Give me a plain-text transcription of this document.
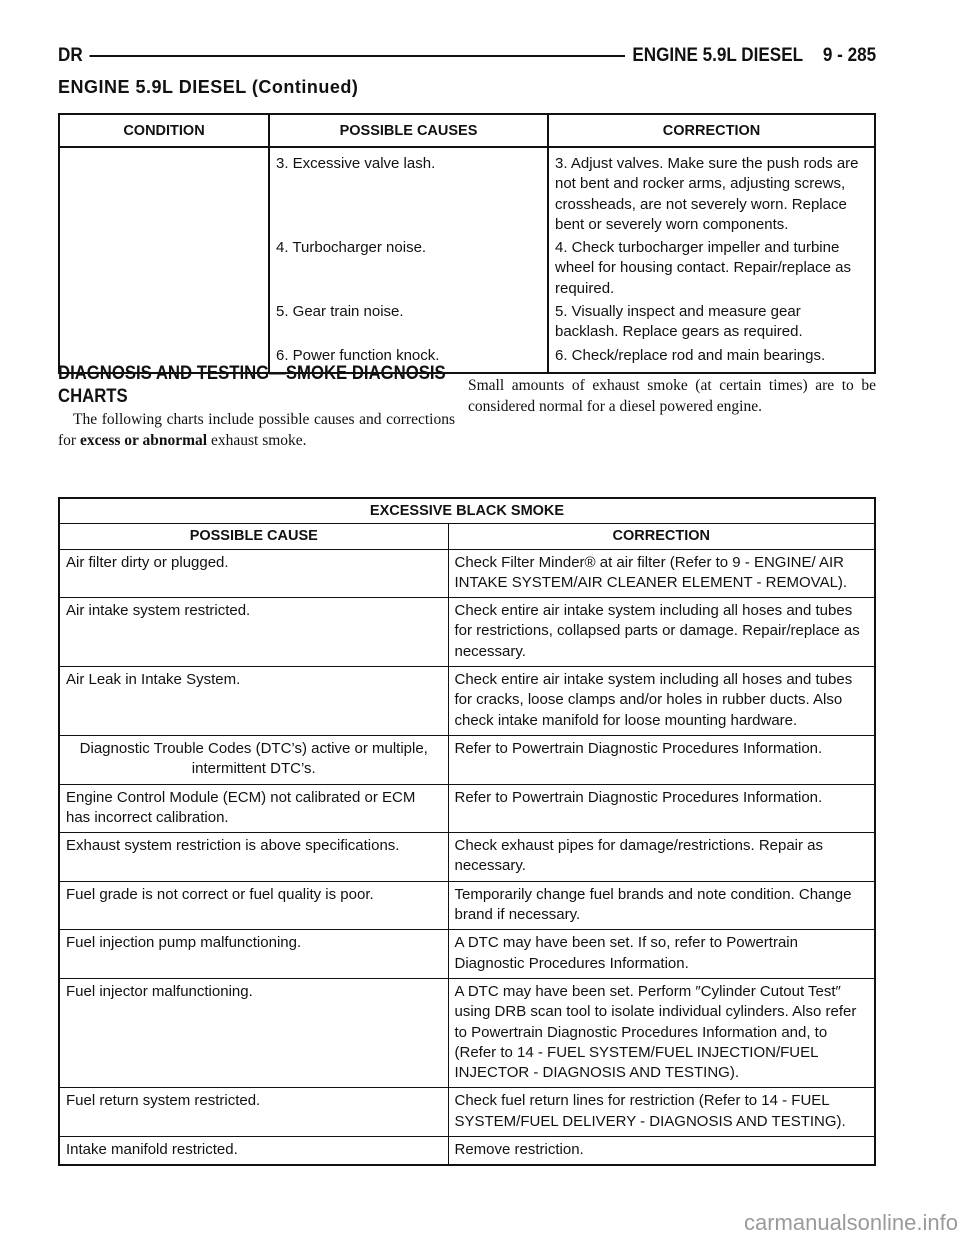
DR	ENGINE 5.9L DIESEL 9 - 285
ENGINE 5.9L DIESEL (Continued)
CONDITION	POSSIBLE CAUSES	CORRECTION
	3. Excessive valve lash.	3. Adjust valves. Make sure the push rods are not bent and rocker arms, adjusting screws, crossheads, are not severely worn. Replace bent or severely worn components.
	4. Turbocharger noise.	4. Check turbocharger impeller and turbine wheel for housing contact. Repair/replace as required.
	5. Gear train noise.	5. Visually inspect and measure gear backlash. Replace gears as required.
	6. Power function knock.	6. Check/replace rod and main bearings.
DIAGNOSIS AND TESTING—SMOKE DIAGNOSIS CHARTS
The following charts include possible causes and corrections for excess or abnormal exhaust smoke.
Small amounts of exhaust smoke (at certain times) are to be considered normal for a diesel powered engine.
EXCESSIVE BLACK SMOKE	
POSSIBLE CAUSE	CORRECTION
Air filter dirty or plugged.	Check Filter Minder® at air filter (Refer to 9 - ENGINE/ AIR INTAKE SYSTEM/AIR CLEANER ELEMENT - REMOVAL).
Air intake system restricted.	Check entire air intake system including all hoses and tubes for restrictions, collapsed parts or damage. Repair/replace as necessary.
Air Leak in Intake System.	Check entire air intake system including all hoses and tubes for cracks, loose clamps and/or holes in rubber ducts. Also check intake manifold for loose mounting hardware.
Diagnostic Trouble Codes (DTC’s) active or multiple, intermittent DTC’s.	Refer to Powertrain Diagnostic Procedures Information.
Engine Control Module (ECM) not calibrated or ECM has incorrect calibration.	Refer to Powertrain Diagnostic Procedures Information.
Exhaust system restriction is above specifications.	Check exhaust pipes for damage/restrictions. Repair as necessary.
Fuel grade is not correct or fuel quality is poor.	Temporarily change fuel brands and note condition. Change brand if necessary.
Fuel injection pump malfunctioning.	A DTC may have been set. If so, refer to Powertrain Diagnostic Procedures Information.
Fuel injector malfunctioning.	A DTC may have been set. Perform ″Cylinder Cutout Test″ using DRB scan tool to isolate individual cylinders. Also refer to Powertrain Diagnostic Procedures Information and, to (Refer to 14 - FUEL SYSTEM/FUEL INJECTION/FUEL INJECTOR - DIAGNOSIS AND TESTING).
Fuel return system restricted.	Check fuel return lines for restriction (Refer to 14 - FUEL SYSTEM/FUEL DELIVERY - DIAGNOSIS AND TESTING).
Intake manifold restricted.	Remove restriction.
carmanualsonline.info
